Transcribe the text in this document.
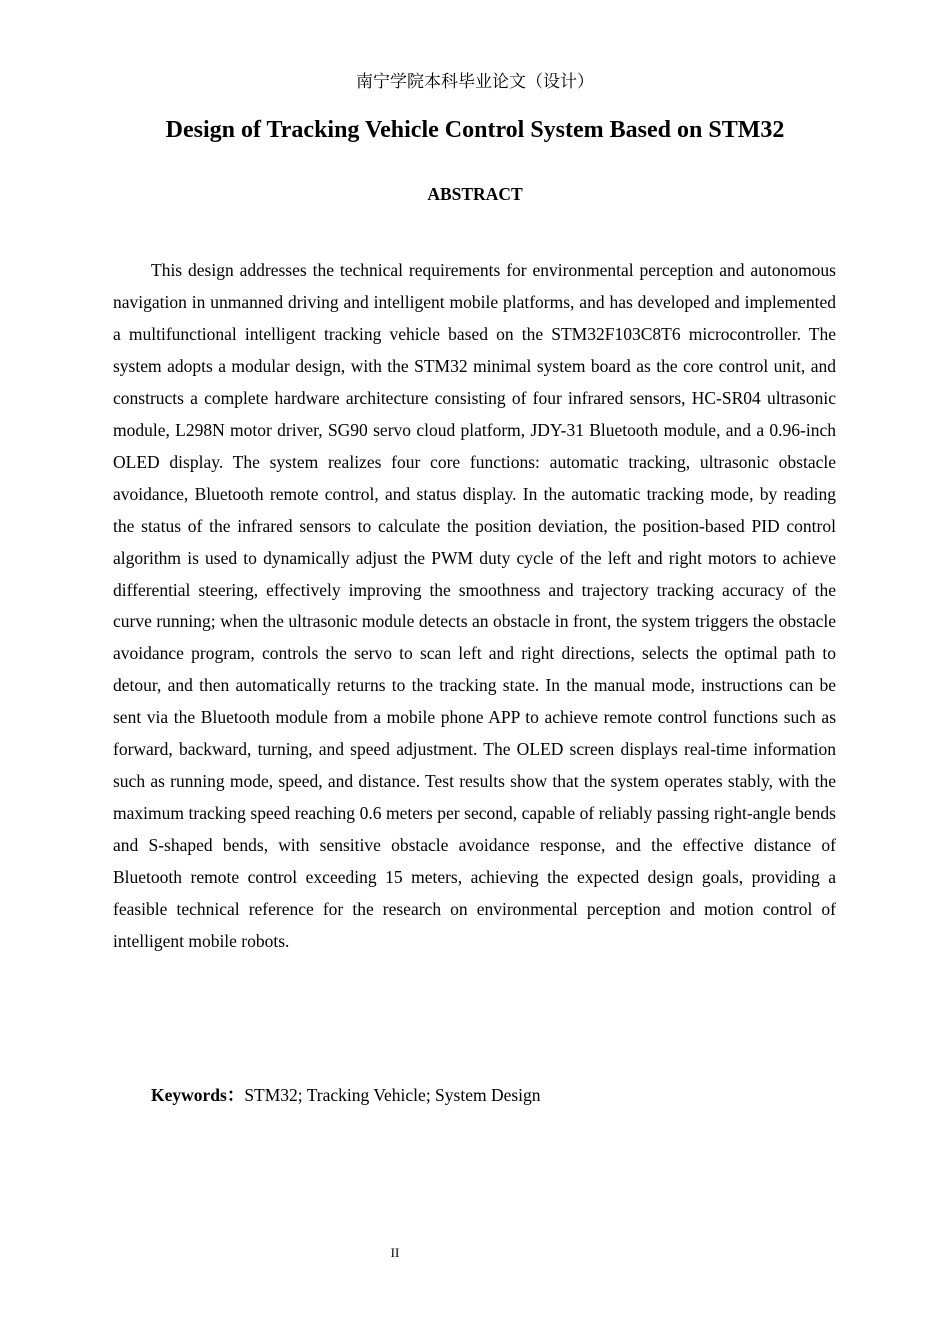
南宁学院本科毕业论文（设计）
Design of Tracking Vehicle Control System Based on STM32
ABSTRACT

This design addresses the technical requirements for environmental perception and autonomous navigation in unmanned driving and intelligent mobile platforms, and has developed and implemented a multifunctional intelligent tracking vehicle based on the STM32F103C8T6 microcontroller. The system adopts a modular design, with the STM32 minimal system board as the core control unit, and constructs a complete hardware architecture consisting of four infrared sensors, HC-SR04 ultrasonic module, L298N motor driver, SG90 servo cloud platform, JDY-31 Bluetooth module, and a 0.96-inch OLED display. The system realizes four core functions: automatic tracking, ultrasonic obstacle avoidance, Bluetooth remote control, and status display. In the automatic tracking mode, by reading the status of the infrared sensors to calculate the position deviation, the position-based PID control algorithm is used to dynamically adjust the PWM duty cycle of the left and right motors to achieve differential steering, effectively improving the smoothness and trajectory tracking accuracy of the curve running; when the ultrasonic module detects an obstacle in front, the system triggers the obstacle avoidance program, controls the servo to scan left and right directions, selects the optimal path to detour, and then automatically returns to the tracking state. In the manual mode, instructions can be sent via the Bluetooth module from a mobile phone APP to achieve remote control functions such as forward, backward, turning, and speed adjustment. The OLED screen displays real-time information such as running mode, speed, and distance. Test results show that the system operates stably, with the maximum tracking speed reaching 0.6 meters per second, capable of reliably passing right-angle bends and S-shaped bends, with sensitive obstacle avoidance response, and the effective distance of Bluetooth remote control exceeding 15 meters, achieving the expected design goals, providing a feasible technical reference for the research on environmental perception and motion control of intelligent mobile robots.

Keywords：STM32; Tracking Vehicle; System Design

II
